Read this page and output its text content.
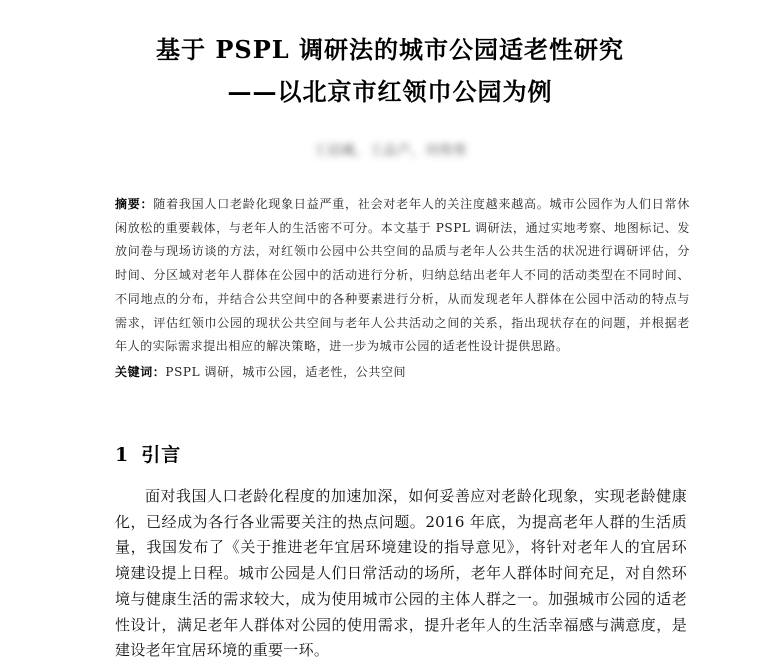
基于 PSPL 调研法的城市公园适老性研究
——以北京市红领巾公园为例
王晨曦，王晶芦，周维维
摘要：随着我国人口老龄化现象日益严重，社会对老年人的关注度越来越高。城市公园作为人们日常休闲放松的重要载体，与老年人的生活密不可分。本文基于 PSPL 调研法，通过实地考察、地图标记、发放问卷与现场访谈的方法，对红领巾公园中公共空间的品质与老年人公共生活的状况进行调研评估，分时间、分区域对老年人群体在公园中的活动进行分析，归纳总结出老年人不同的活动类型在不同时间、不同地点的分布，并结合公共空间中的各种要素进行分析，从而发现老年人群体在公园中活动的特点与需求，评估红领巾公园的现状公共空间与老年人公共活动之间的关系，指出现状存在的问题，并根据老年人的实际需求提出相应的解决策略，进一步为城市公园的适老性设计提供思路。
关键词：PSPL 调研，城市公园，适老性，公共空间
1 引言
面对我国人口老龄化程度的加速加深，如何妥善应对老龄化现象，实现老龄健康化，已经成为各行各业需要关注的热点问题。2016 年底，为提高老年人群的生活质量，我国发布了《关于推进老年宜居环境建设的指导意见》，将针对老年人的宜居环境建设提上日程。城市公园是人们日常活动的场所，老年人群体时间充足，对自然环境与健康生活的需求较大，成为使用城市公园的主体人群之一。加强城市公园的适老性设计，满足老年人群体对公园的使用需求，提升老年人的生活幸福感与满意度，是建设老年宜居环境的重要一环。
